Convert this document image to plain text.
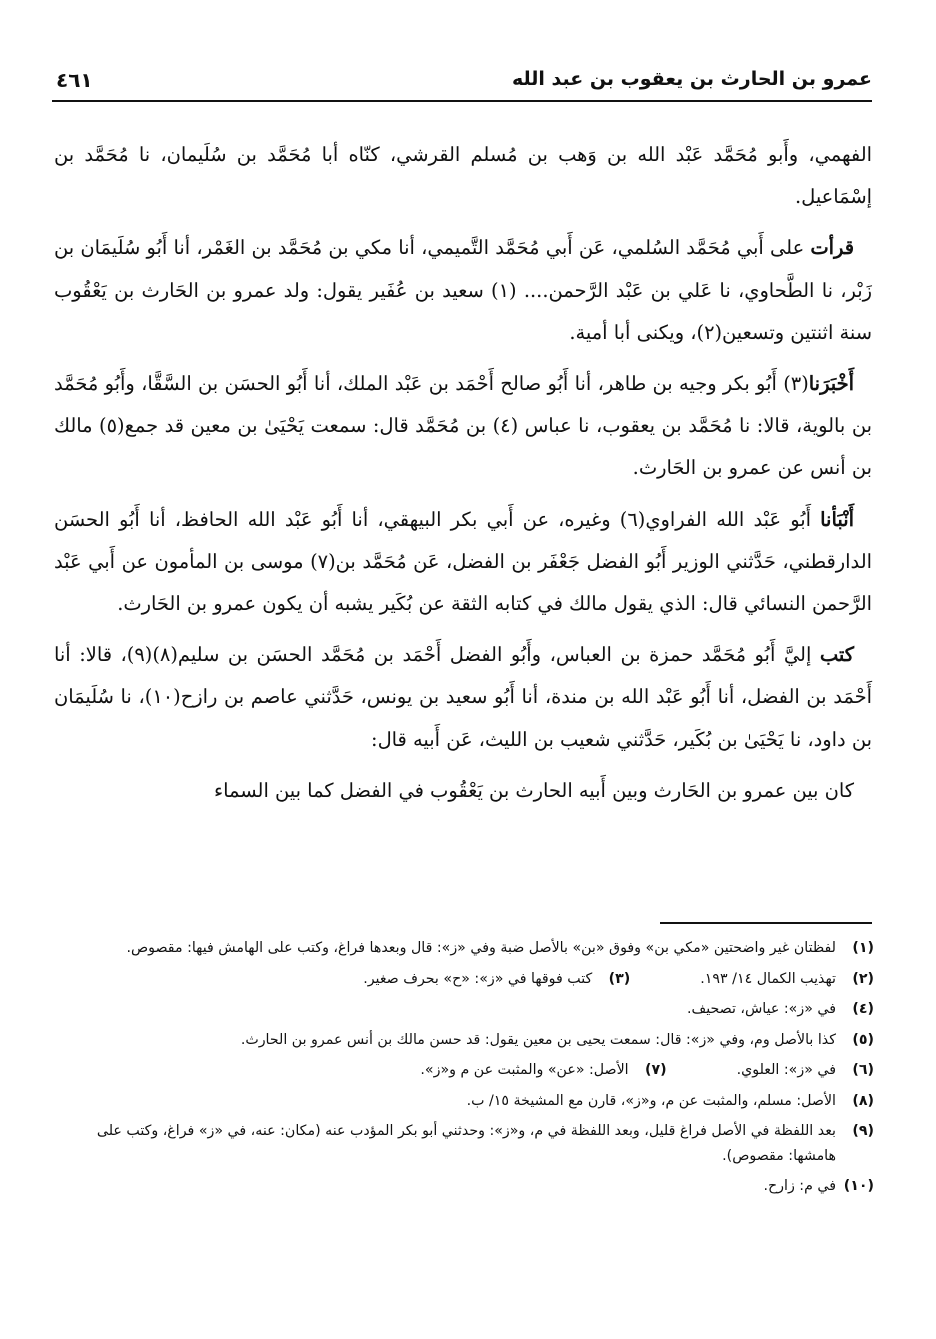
عمرو بن الحارث بن يعقوب بن عبد الله
٤٦١

الفهمي، وأَبو مُحَمَّد عَبْد الله بن وَهب بن مُسلم القرشي، كنّاه أبا مُحَمَّد بن سُلَيمان، نا مُحَمَّد بن إسْمَاعيل.

قرأت على أَبي مُحَمَّد السُلمي، عَن أَبي مُحَمَّد التَّميمي، أنا مكي بن مُحَمَّد بن الغَمْر، أنا أَبُو سُلَيمَان بن زَبْر، نا الطَّحاوي، نا عَلي بن عَبْد الرَّحمن.... (١) سعيد بن عُفَير يقول: ولد عمرو بن الحَارث بن يَعْقُوب سنة اثنتين وتسعين(٢)، ويكنى أبا أمية.

أَخْبَرَنا(٣) أَبُو بكر وجيه بن طاهر، أنا أَبُو صالح أَحْمَد بن عَبْد الملك، أنا أَبُو الحسَن بن السَّقَّا، وأَبُو مُحَمَّد بن بالوية، قالا: نا مُحَمَّد بن يعقوب، نا عباس (٤) بن مُحَمَّد قال: سمعت يَحْيَىٰ بن معين قد جمع(٥) مالك بن أنس عن عمرو بن الحَارث.

أَنْبَأنا أَبُو عَبْد الله الفراوي(٦) وغيره، عن أَبي بكر البيهقي، أنا أَبُو عَبْد الله الحافظ، أنا أَبُو الحسَن الدارقطني، حَدَّثني الوزير أَبُو الفضل جَعْفَر بن الفضل، عَن مُحَمَّد بن(٧) موسى بن المأمون عن أَبي عَبْد الرَّحمن النسائي قال: الذي يقول مالك في كتابه الثقة عن بُكَير يشبه أن يكون عمرو بن الحَارث.

كتب إليَّ أَبُو مُحَمَّد حمزة بن العباس، وأَبُو الفضل أَحْمَد بن مُحَمَّد الحسَن بن سليم(٨)(٩)، قالا: أنا أَحْمَد بن الفضل، أنا أَبُو عَبْد الله بن مندة، أنا أَبُو سعيد بن يونس، حَدَّثني عاصم بن رازح(١٠)، نا سُلَيمَان بن داود، نا يَحْيَىٰ بن بُكَير، حَدَّثني شعيب بن الليث، عَن أَبيه قال:

كان بين عمرو بن الحَارث وبين أَبيه الحارث بن يَعْقُوب في الفضل كما بين السماء

(١)
لفظتان غير واضحتين «مكي بن» وفوق «بن» بالأصل ضبة وفي «ز»: قال وبعدها فراغ، وكتب على الهامش فيها: مقصوص.
(٢)
تهذيب الكمال ١٤/ ١٩٣.
(٣)
كتب فوقها في «ز»: «ح» بحرف صغير.
(٤)
في «ز»: عياش، تصحيف.
(٥)
كذا بالأصل وم، وفي «ز»: قال: سمعت يحيى بن معين يقول: قد حسن مالك بن أنس عمرو بن الحارث.
(٦)
في «ز»: العلوي.
(٧)
الأصل: «عن» والمثبت عن م و«ز».
(٨)
الأصل: مسلم، والمثبت عن م، و«ز»، قارن مع المشيخة ١٥/ ب.
(٩)
بعد اللفظة في الأصل فراغ قليل، وبعد اللفظة في م، و«ز»: وحدثني أبو بكر المؤدب عنه (مكان: عنه، في «ز» فراغ، وكتب على هامشها: مقصوص).
(١٠)
في م: زارح.
